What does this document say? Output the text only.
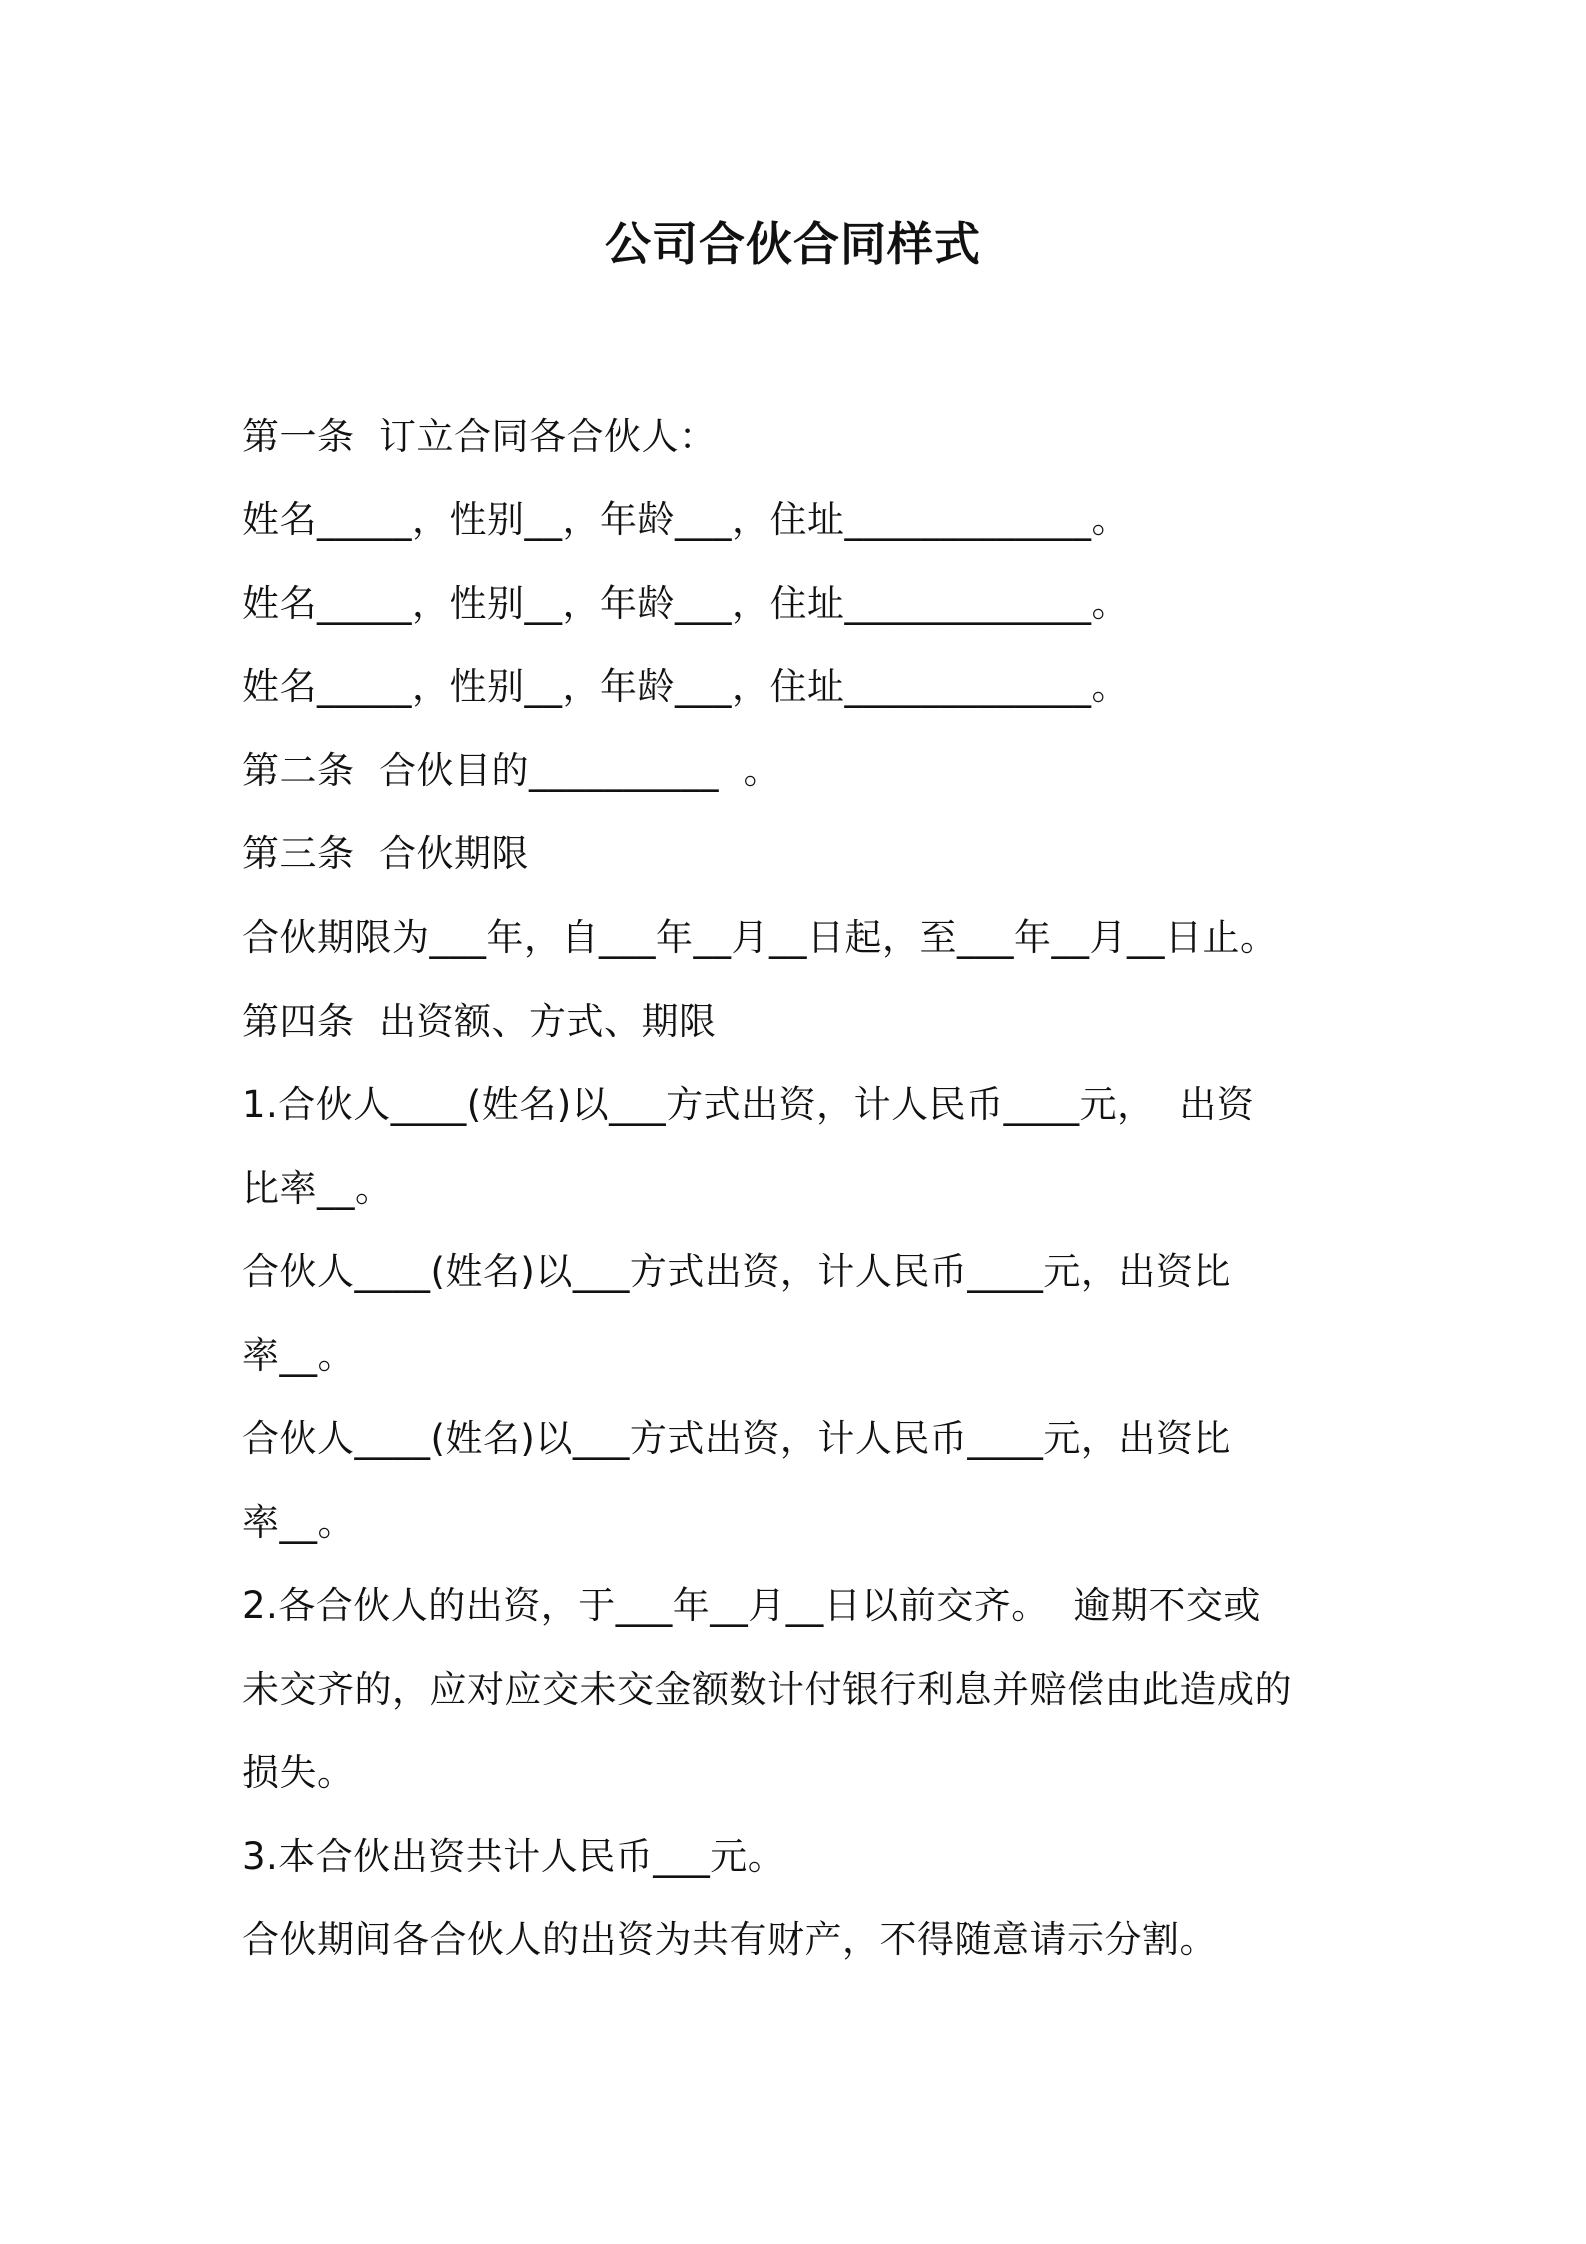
公司合伙合同样式
第一条  订立合同各合伙人：
姓名_____，性别__，年龄___，住址_____________。
姓名_____，性别__，年龄___，住址_____________。
姓名_____，性别__，年龄___，住址_____________。
第二条  合伙目的__________  。
第三条  合伙期限
合伙期限为___年，自___年__月__日起，至___年__月__日止。
第四条  出资额、方式、期限
1.合伙人____(姓名)以___方式出资，计人民币____元，  出资
比率__。
合伙人____(姓名)以___方式出资，计人民币____元，出资比
率__。
合伙人____(姓名)以___方式出资，计人民币____元，出资比
率__。
2.各合伙人的出资，于___年__月__日以前交齐。  逾期不交或
未交齐的，应对应交未交金额数计付银行利息并赔偿由此造成的
损失。
3.本合伙出资共计人民币___元。
合伙期间各合伙人的出资为共有财产，不得随意请示分割。
